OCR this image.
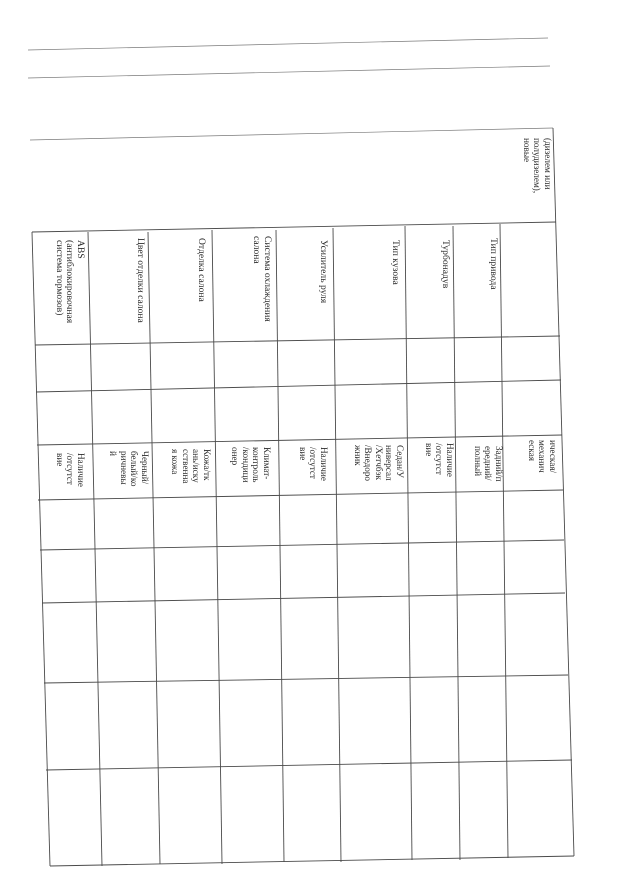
(дизелем или
полудизелем),
новые
Тип привода
Турбонадув
Тип кузова
Усилитель руля
Система охлаждения
салона
Отделка салона
Цвет отделки салона
ABS
(антиблокировочная
система тормозов)
ическая/
механич
еская
Задний/п
ередний/
полный
Наличие
/отсутст
вие
Седан/У
ниверсал
/Хетчбэк
/Внедоро
жник
Наличие
/отсутст
вие
Климат-
контроль
/кондици
онер
Кожа/тк
ань/иску
сственна
я кожа
Черный/
белый/ко
ричневы
й
Наличие
/отсутст
вие
